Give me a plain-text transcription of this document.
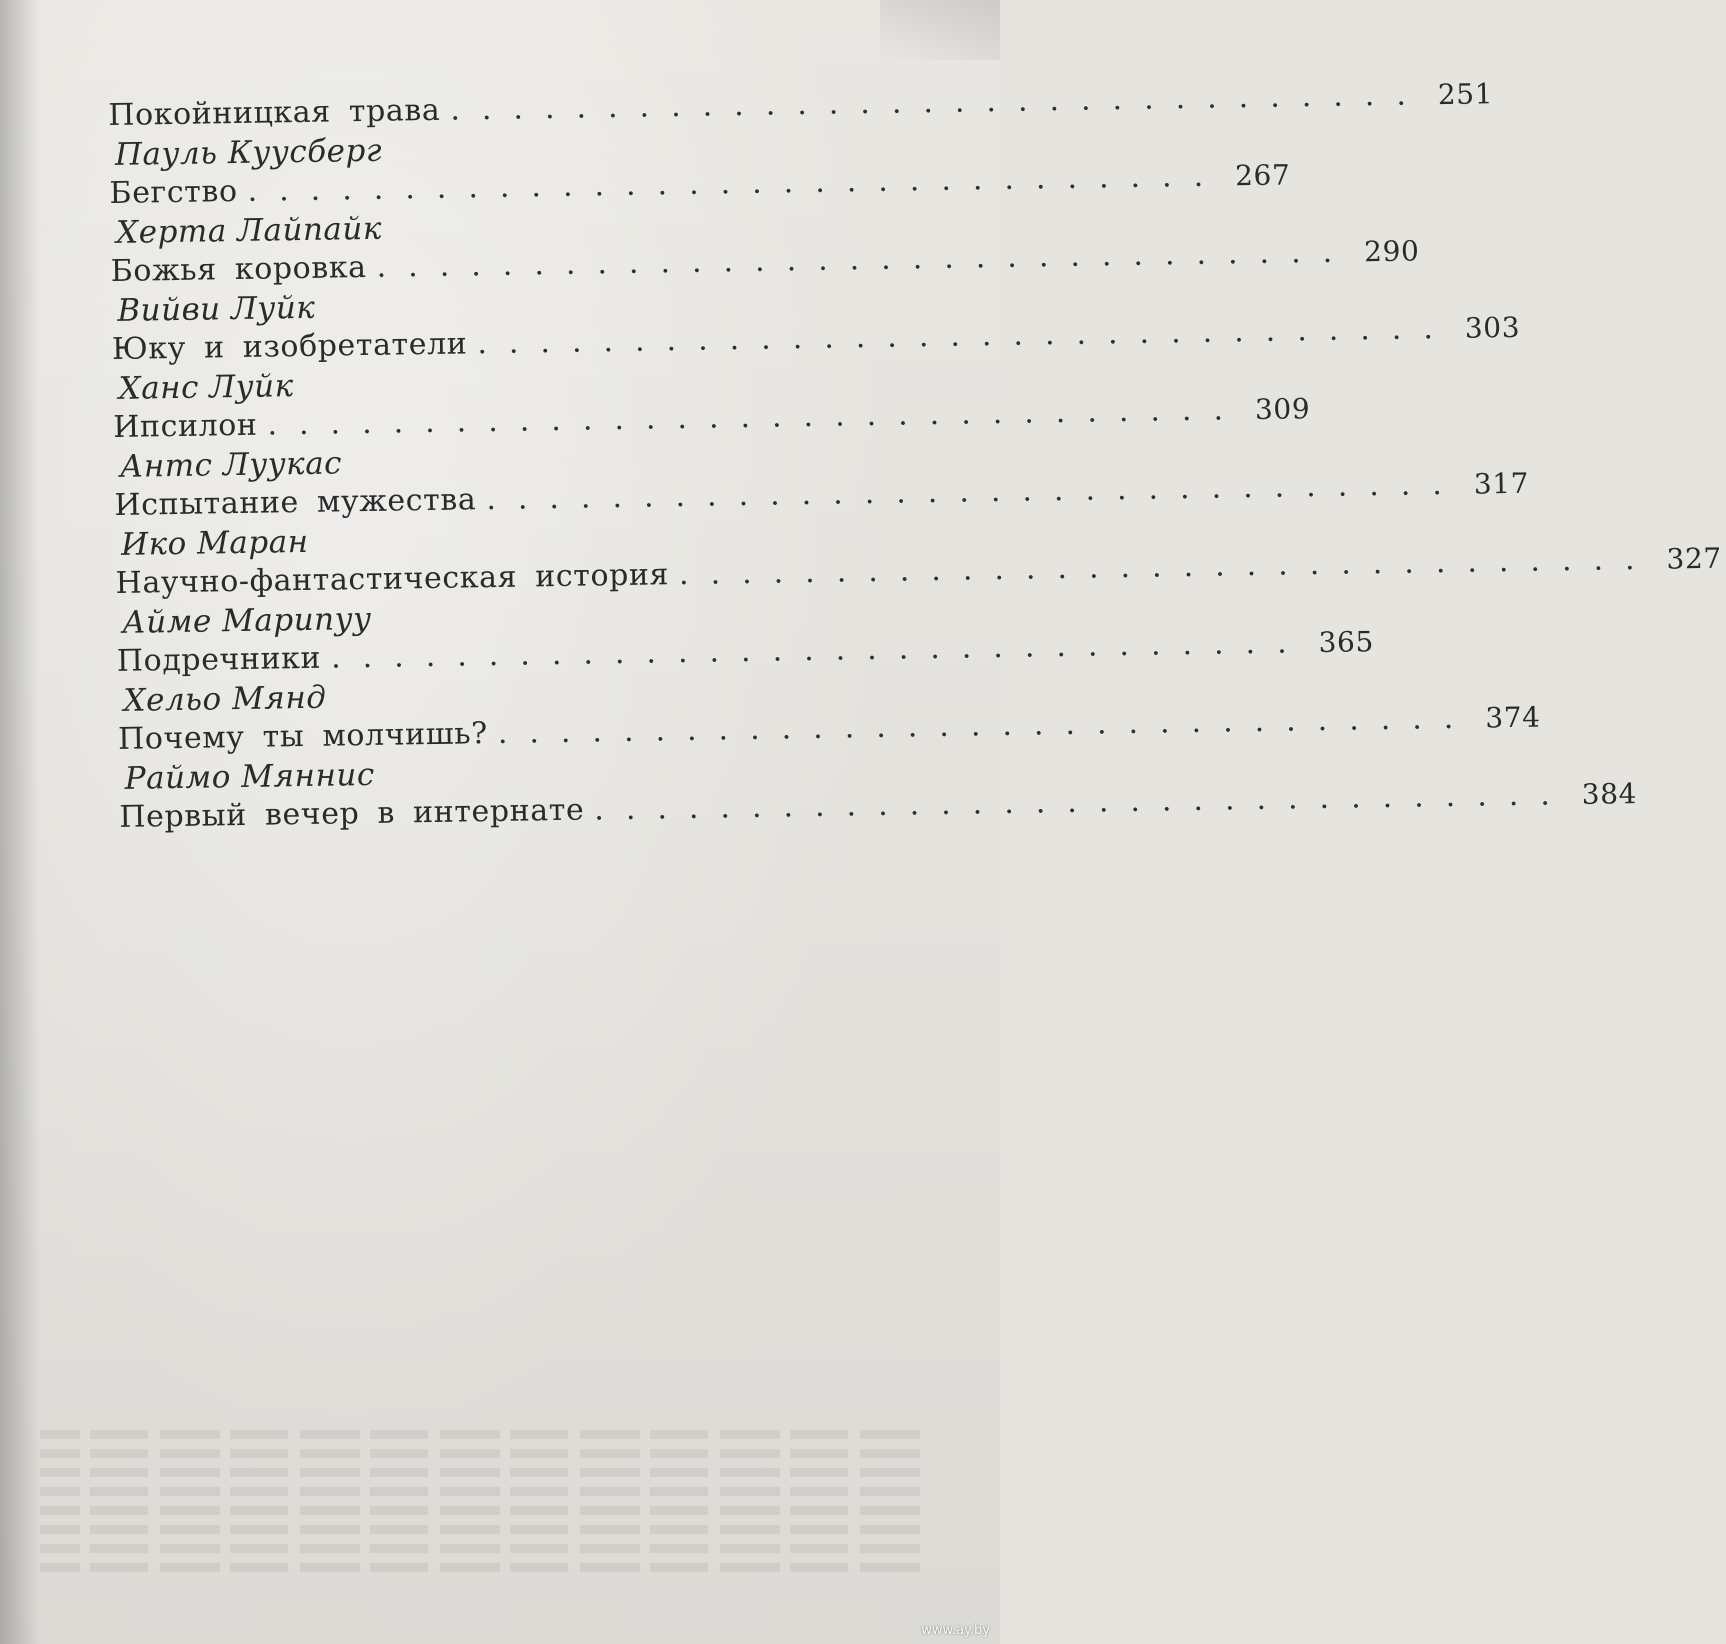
Покойницкая трава ............................... 251
Пауль Куусберг
Бегство ............................... 267
Херта Лайпайк
Божья коровка ............................... 290
Вийви Луйк
Юку и изобретатели ............................... 303
Ханс Луйк
Ипсилон ............................... 309
Антс Луукас
Испытание мужества ............................... 317
Ико Маран
Научно-фантастическая история ............................... 327
Айме Марипуу
Подречники ............................... 365
Хельо Мянд
Почему ты молчишь? ............................... 374
Раймо Мяннис
Первый вечер в интернате ............................... 384
www.ay.by
